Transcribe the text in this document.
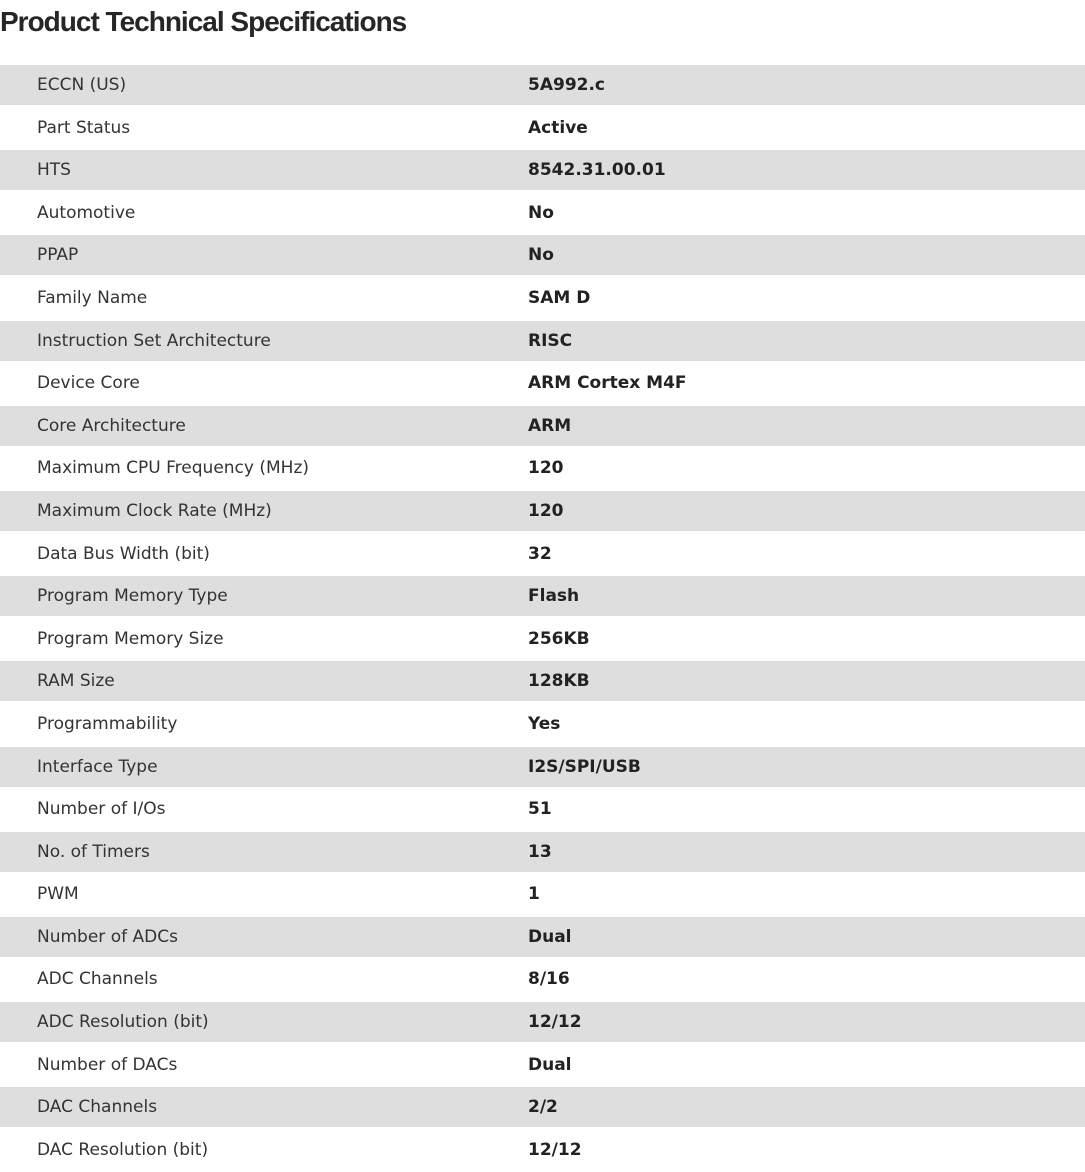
Product Technical Specifications
ECCN (US)	5A992.c
Part Status	Active
HTS	8542.31.00.01
Automotive	No
PPAP	No
Family Name	SAM D
Instruction Set Architecture	RISC
Device Core	ARM Cortex M4F
Core Architecture	ARM
Maximum CPU Frequency (MHz)	120
Maximum Clock Rate (MHz)	120
Data Bus Width (bit)	32
Program Memory Type	Flash
Program Memory Size	256KB
RAM Size	128KB
Programmability	Yes
Interface Type	I2S/SPI/USB
Number of I/Os	51
No. of Timers	13
PWM	1
Number of ADCs	Dual
ADC Channels	8/16
ADC Resolution (bit)	12/12
Number of DACs	Dual
DAC Channels	2/2
DAC Resolution (bit)	12/12
